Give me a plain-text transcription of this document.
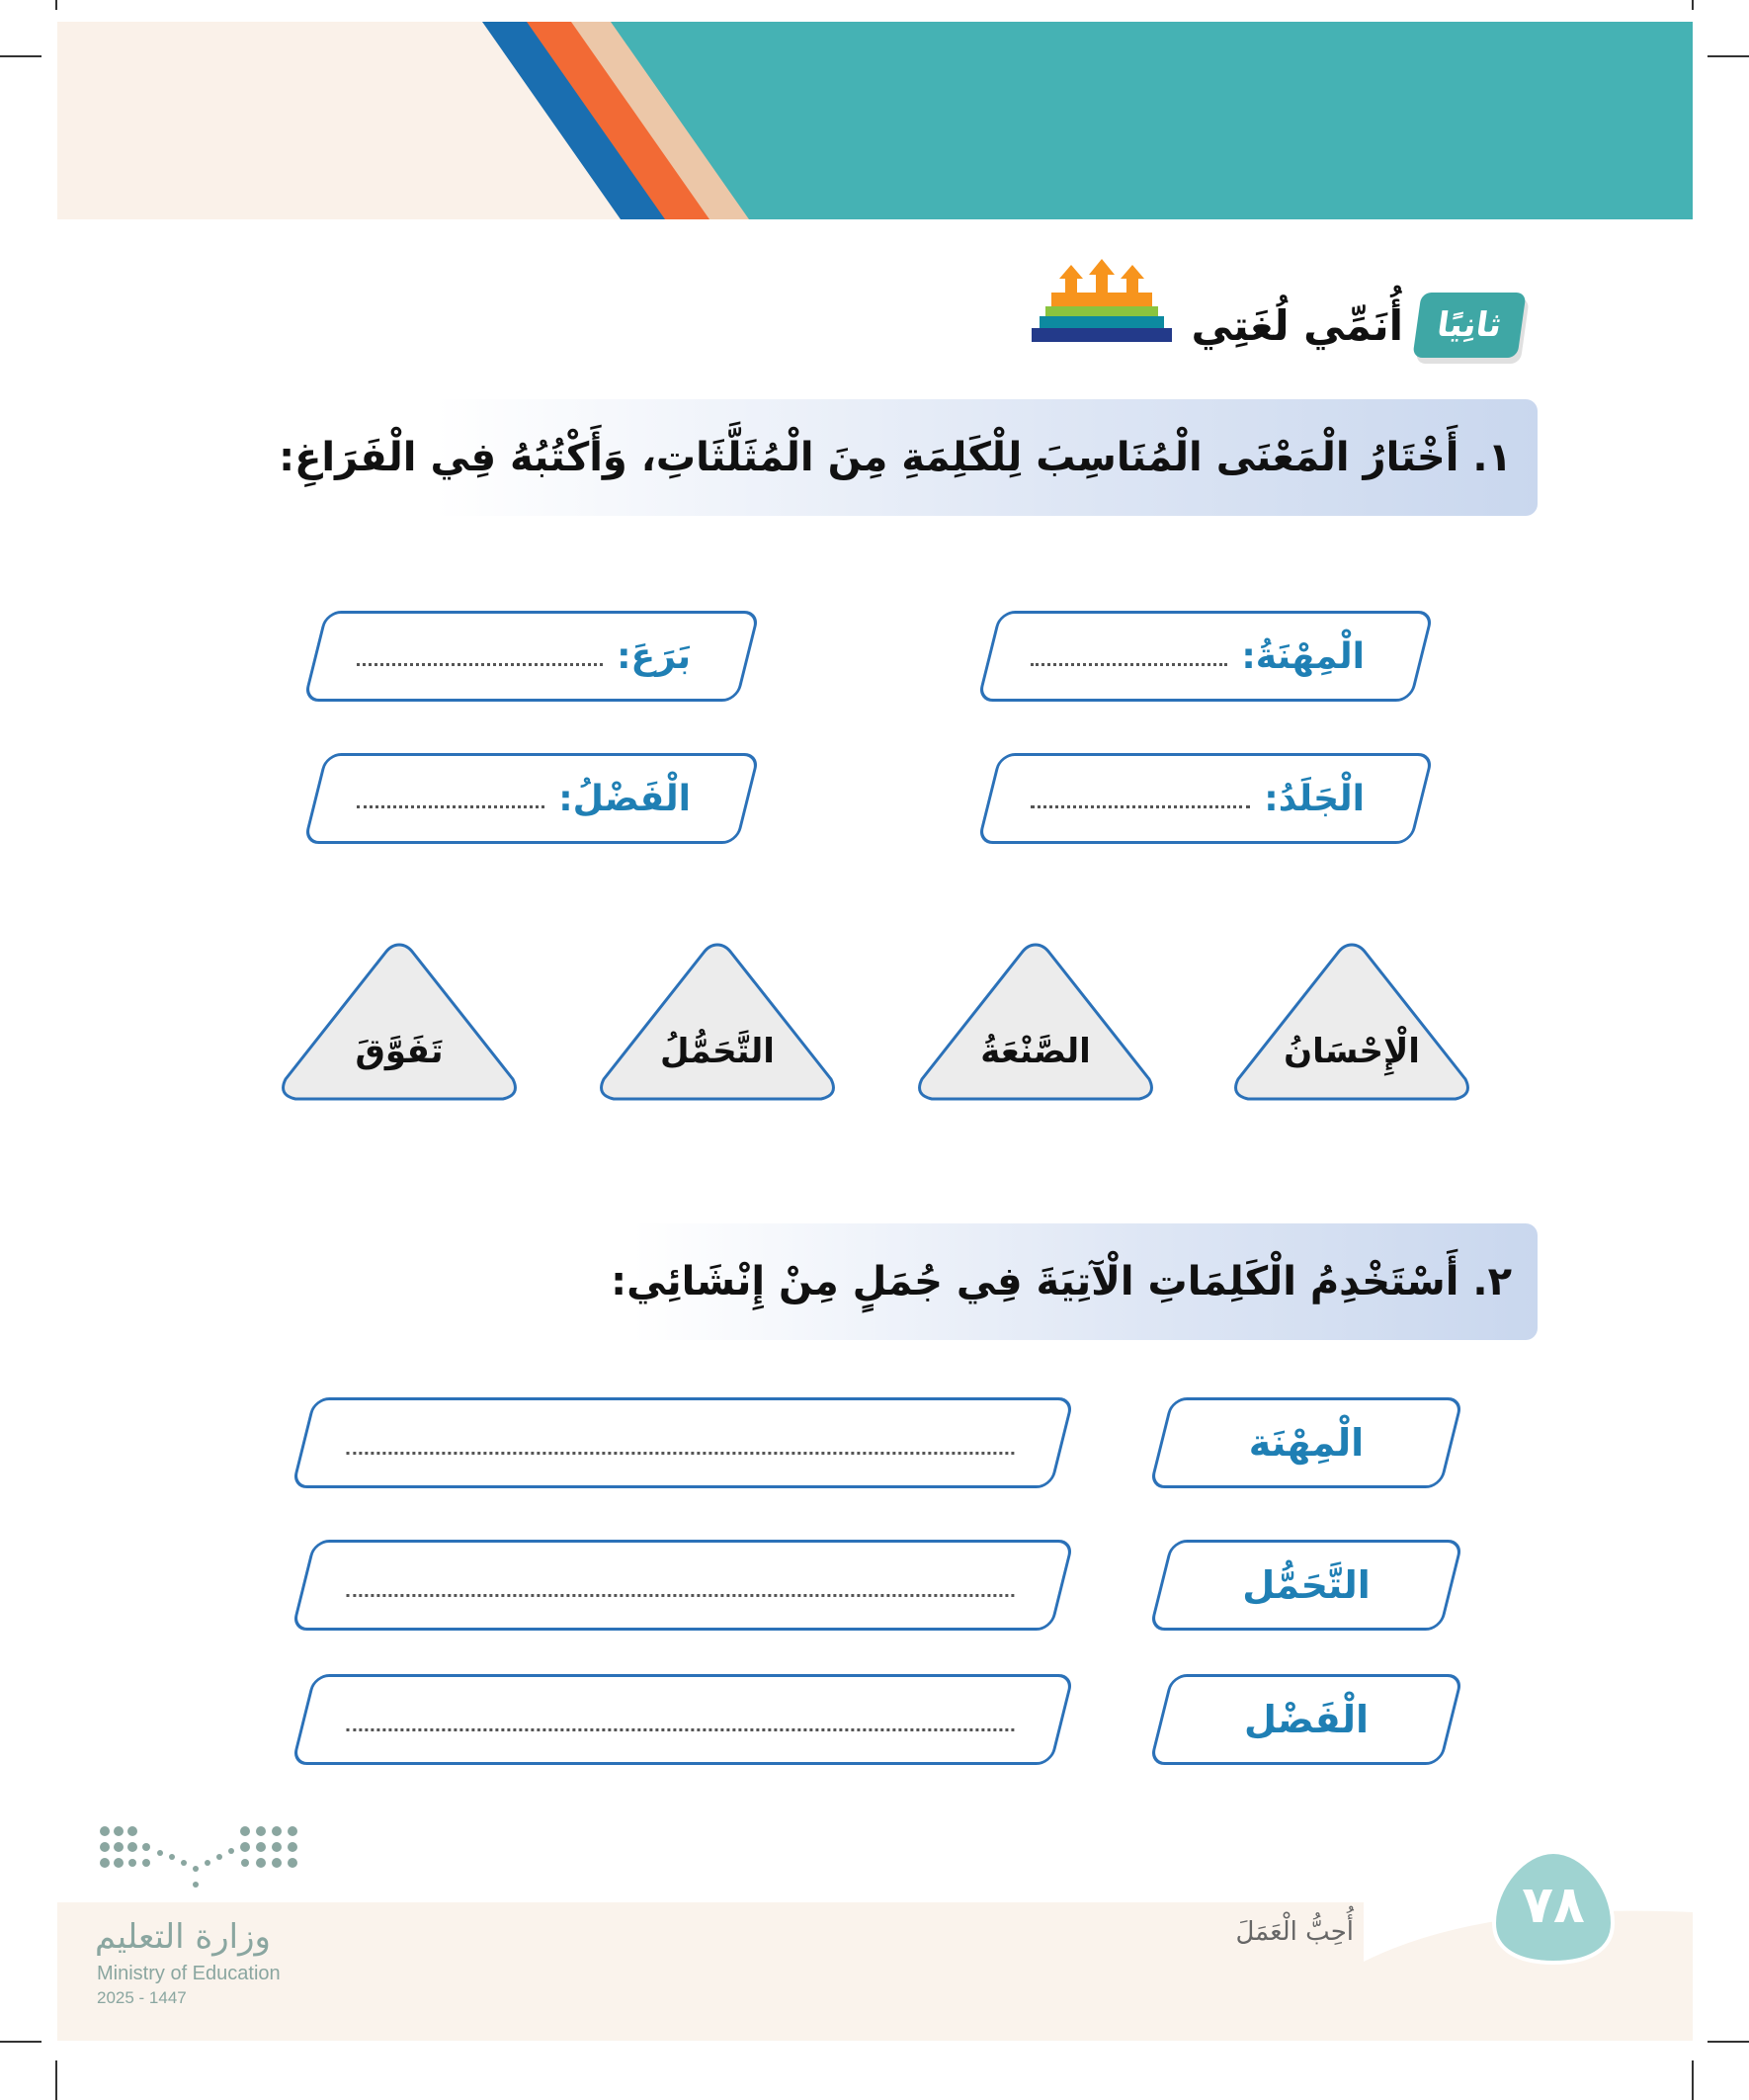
ثانِيًا
أُنَمِّي لُغَتِي
١. أَخْتَارُ الْمَعْنَى الْمُنَاسِبَ لِلْكَلِمَةِ مِنَ الْمُثَلَّثَاتِ، وَأَكْتُبُهُ فِي الْفَرَاغِ:
الْمِهْنَةُ:
بَرَعَ:
الْجَلَدُ:
الْفَضْلُ:
الْإِحْسَانُ
الصَّنْعَةُ
التَّحَمُّلُ
تَفَوَّقَ
٢. أَسْتَخْدِمُ الْكَلِمَاتِ الْآتِيَةَ فِي جُمَلٍ مِنْ إِنْشَائِي:
الْمِهْنَة
التَّحَمُّل
الْفَضْل
أُحِبُّ الْعَمَلَ	٧٨
وزارة التعليم
Ministry of Education
2025 - 1447
